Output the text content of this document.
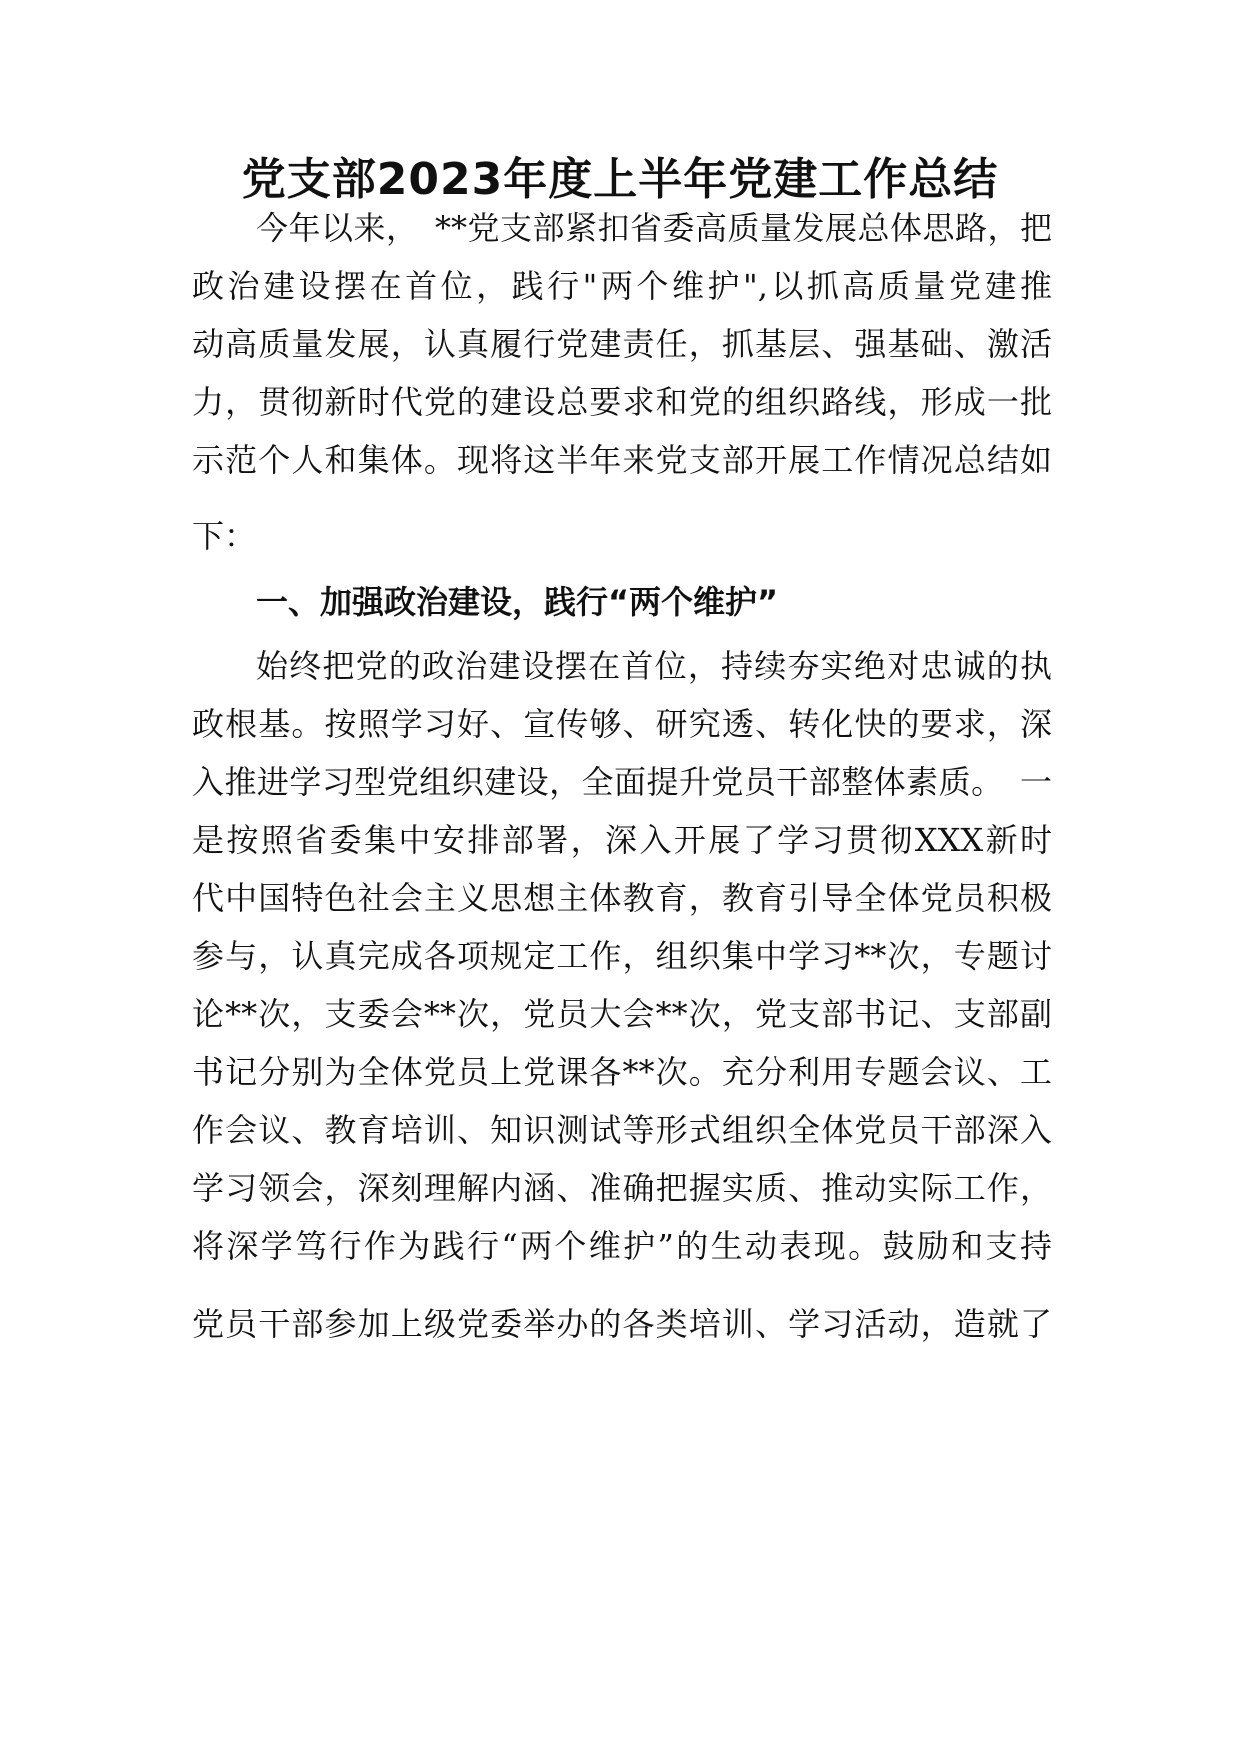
党支部2023年度上半年党建工作总结
今年以来，　**党支部紧扣省委高质量发展总体思路，把
政治建设摆在首位，践行"两个维护",以抓高质量党建推
动高质量发展，认真履行党建责任，抓基层、强基础、激活
力，贯彻新时代党的建设总要求和党的组织路线，形成一批
示范个人和集体。现将这半年来党支部开展工作情况总结如
下：
一、加强政治建设，践行“两个维护”
始终把党的政治建设摆在首位，持续夯实绝对忠诚的执
政根基。按照学习好、宣传够、研究透、转化快的要求，深
入推进学习型党组织建设，全面提升党员干部整体素质。　一
是按照省委集中安排部署，深入开展了学习贯彻XXX新时
代中国特色社会主义思想主体教育，教育引导全体党员积极
参与，认真完成各项规定工作，组织集中学习**次，专题讨
论**次，支委会**次，党员大会**次，党支部书记、支部副
书记分别为全体党员上党课各**次。充分利用专题会议、工
作会议、教育培训、知识测试等形式组织全体党员干部深入
学习领会，深刻理解内涵、准确把握实质、推动实际工作，
将深学笃行作为践行“两个维护”的生动表现。鼓励和支持
党员干部参加上级党委举办的各类培训、学习活动，造就了
